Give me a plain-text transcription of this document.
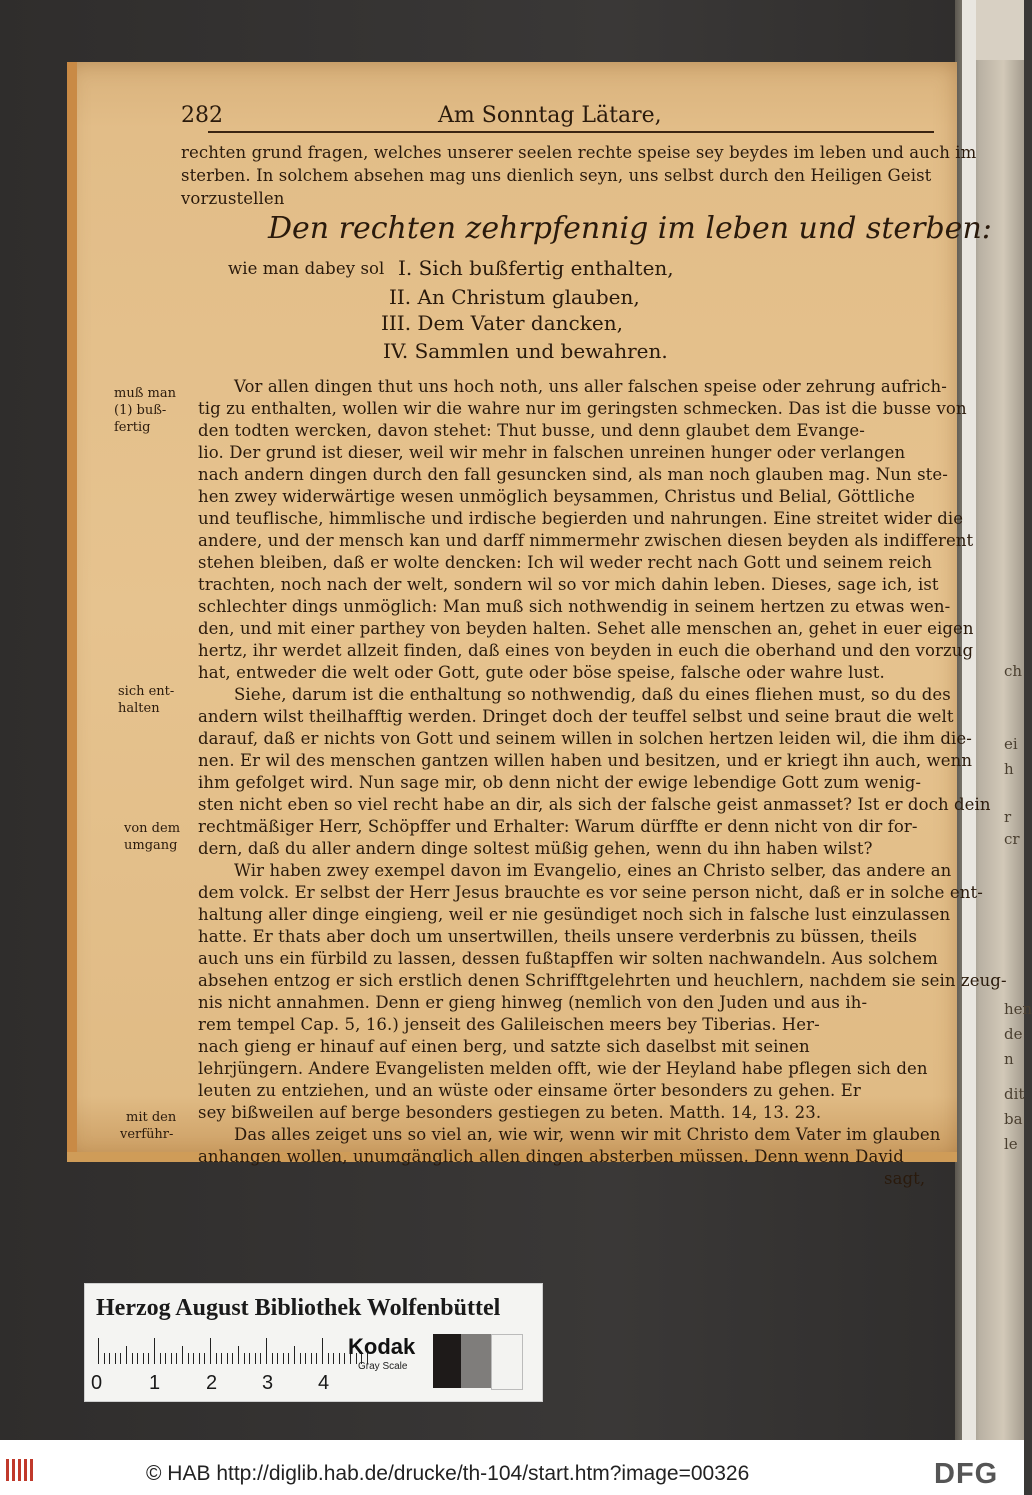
ch
ei
h
r
cr
hen
de
n
dit
ba
le
282	Am Sonntag Lätare,
rechten grund fragen, welches unserer seelen rechte speise sey beydes im leben und auch im
sterben. In solchem absehen mag uns dienlich seyn, uns selbst durch den Heiligen Geist
vorzustellen
Den rechten zehrpfennig im leben und sterben:
wie man dabey sol I. Sich bußfertig enthalten,
II. An Christum glauben,
III. Dem Vater dancken,
IV. Sammlen und bewahren.
Vor allen dingen thut uns hoch noth, uns aller falschen speise oder zehrung aufrich-
tig zu enthalten, wollen wir die wahre nur im geringsten schmecken. Das ist die busse von
den todten wercken, davon stehet: Thut busse, und denn glaubet dem Evange-
lio. Der grund ist dieser, weil wir mehr in falschen unreinen hunger oder verlangen
nach andern dingen durch den fall gesuncken sind, als man noch glauben mag. Nun ste-
hen zwey widerwärtige wesen unmöglich beysammen, Christus und Belial, Göttliche
und teuflische, himmlische und irdische begierden und nahrungen. Eine streitet wider die
andere, und der mensch kan und darff nimmermehr zwischen diesen beyden als indifferent
stehen bleiben, daß er wolte dencken: Ich wil weder recht nach Gott und seinem reich
trachten, noch nach der welt, sondern wil so vor mich dahin leben. Dieses, sage ich, ist
schlechter dings unmöglich: Man muß sich nothwendig in seinem hertzen zu etwas wen-
den, und mit einer parthey von beyden halten. Sehet alle menschen an, gehet in euer eigen
hertz, ihr werdet allzeit finden, daß eines von beyden in euch die oberhand und den vorzug
hat, entweder die welt oder Gott, gute oder böse speise, falsche oder wahre lust.
Siehe, darum ist die enthaltung so nothwendig, daß du eines fliehen must, so du des
andern wilst theilhafftig werden. Dringet doch der teuffel selbst und seine braut die welt
darauf, daß er nichts von Gott und seinem willen in solchen hertzen leiden wil, die ihm die-
nen. Er wil des menschen gantzen willen haben und besitzen, und er kriegt ihn auch, wenn
ihm gefolget wird. Nun sage mir, ob denn nicht der ewige lebendige Gott zum wenig-
sten nicht eben so viel recht habe an dir, als sich der falsche geist anmasset? Ist er doch dein
rechtmäßiger Herr, Schöpffer und Erhalter: Warum dürffte er denn nicht von dir for-
dern, daß du aller andern dinge soltest müßig gehen, wenn du ihn haben wilst?
Wir haben zwey exempel davon im Evangelio, eines an Christo selber, das andere an
dem volck. Er selbst der Herr Jesus brauchte es vor seine person nicht, daß er in solche ent-
haltung aller dinge eingieng, weil er nie gesündiget noch sich in falsche lust einzulassen
hatte. Er thats aber doch um unsertwillen, theils unsere verderbnis zu büssen, theils
auch uns ein fürbild zu lassen, dessen fußtapffen wir solten nachwandeln. Aus solchem
absehen entzog er sich erstlich denen Schrifftgelehrten und heuchlern, nachdem sie sein zeug-
nis nicht annahmen. Denn er gieng hinweg (nemlich von den Juden und aus ih-
rem tempel Cap. 5, 16.) jenseit des Galileischen meers bey Tiberias. Her-
nach gieng er hinauf auf einen berg, und satzte sich daselbst mit seinen
lehrjüngern. Andere Evangelisten melden offt, wie der Heyland habe pflegen sich den
leuten zu entziehen, und an wüste oder einsame örter besonders zu gehen. Er
sey bißweilen auf berge besonders gestiegen zu beten. Matth. 14, 13. 23.
Das alles zeiget uns so viel an, wie wir, wenn wir mit Christo dem Vater im glauben
anhangen wollen, unumgänglich allen dingen absterben müssen. Denn wenn David
sagt,
muß man
(1) buß-
fertig
sich ent-
halten
von dem
umgang
mit den
verführ-
Herzog August Bibliothek Wolfenbüttel
0 1 2 3 4
Kodak
Gray Scale
© HAB http://diglib.hab.de/drucke/th-104/start.htm?image=00326	DFG
